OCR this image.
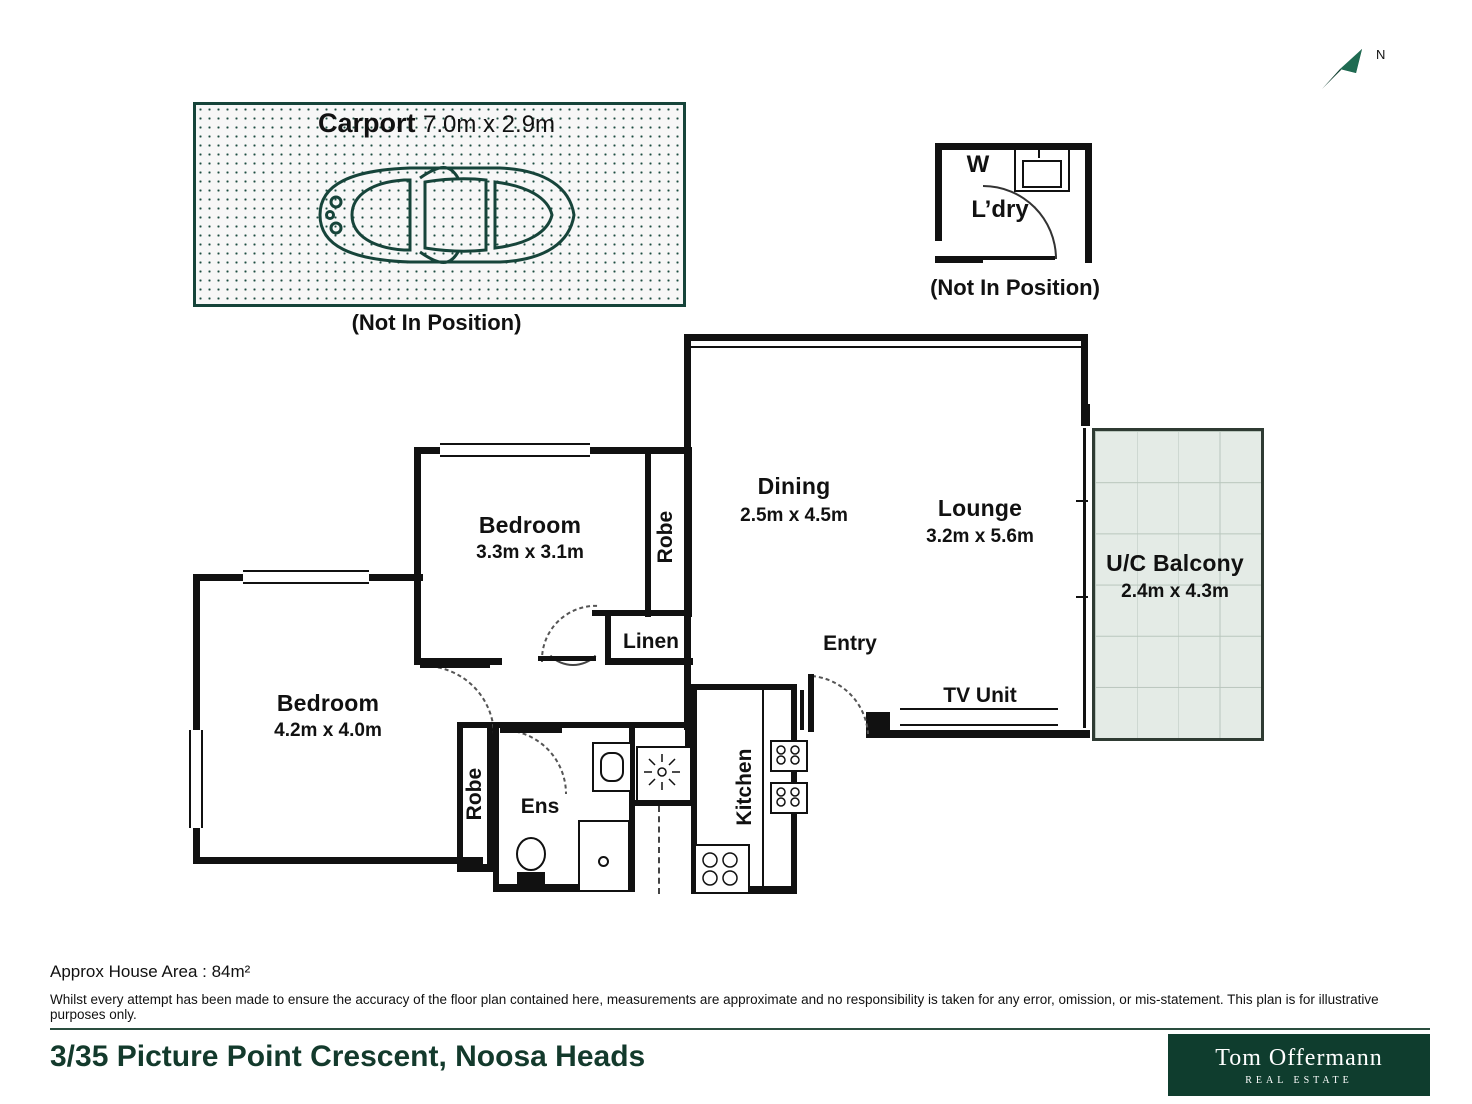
N
Carport 7.0m x 2.9m
(Not In Position)
W
L’dry
(Not In Position)
Bedroom
3.3m x 3.1m
Bedroom
4.2m x 4.0m
Dining
2.5m x 4.5m	Lounge
3.2m x 5.6m
U/C Balcony
2.4m x 4.3m
Robe
Robe	Kitchen
Linen
Ens
Entry
TV Unit
Approx House Area : 84m²
Whilst every attempt has been made to ensure the accuracy of the floor plan contained here, measurements are approximate and no responsibility is taken for any error, omission, or mis-statement. This plan is for illustrative purposes only.
3/35 Picture Point Crescent, Noosa Heads	Tom Offermann
REAL ESTATE
